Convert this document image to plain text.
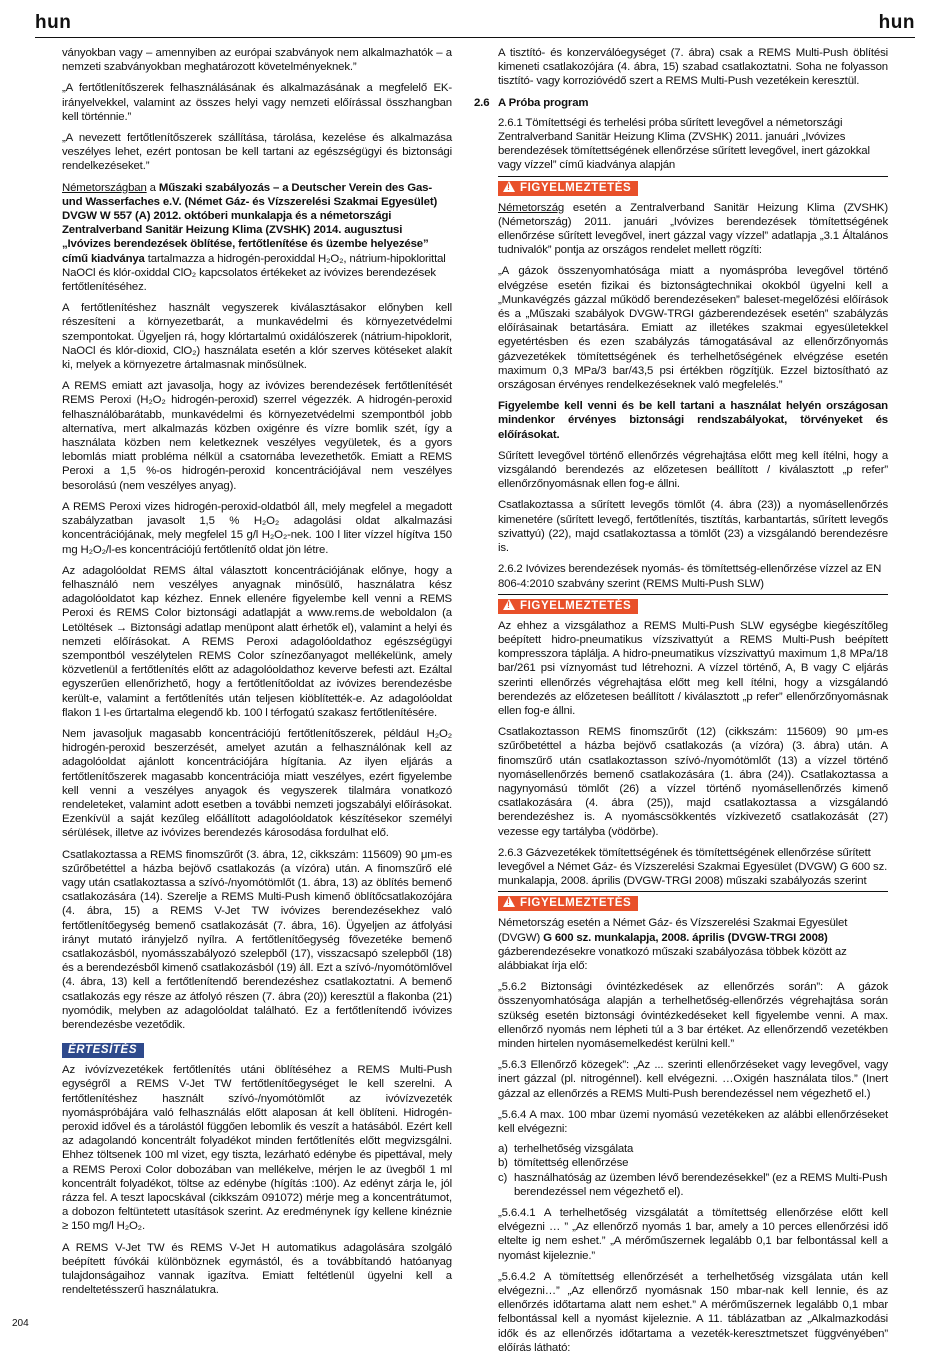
hun	hun

ványokban vagy – amennyiben az európai szabványok nem alkalmazhatók – a nemzeti szabványokban meghatározott követelményeknek.”

„A fertőtlenítőszerek felhasználásának és alkalmazásának a megfelelő EK-irányelvekkel, valamint az összes helyi vagy nemzeti előírással összhangban kell történnie.”

„A nevezett fertőtlenítőszerek szállítása, tárolása, kezelése és alkalmazása veszélyes lehet, ezért pontosan be kell tartani az egészségügyi és biztonsági rendelkezéseket.”

Németországban a Műszaki szabályozás – a Deutscher Verein des Gas- und Wasserfaches e.V. (Német Gáz- és Vízszerelési Szakmai Egyesület) DVGW W 557 (A) 2012. októberi munkalapja és a németországi Zentralverband Sanitär Heizung Klima (ZVSHK) 2014. augusztusi „Ivóvizes berendezések öblítése, fertőtlenítése és üzembe helyezése” című kiadványa tartalmazza a hidrogén-peroxiddal H₂O₂, nátrium-hipoklorittal NaOCl és klór-oxiddal ClO₂ kapcsolatos értékeket az ivóvizes berendezések fertőtlenítéséhez.

A fertőtlenítéshez használt vegyszerek kiválasztásakor előnyben kell részesíteni a környezetbarát, a munkavédelmi és környezetvédelmi szempontokat. Ügyeljen rá, hogy klórtartalmú oxidálószerek (nátrium-hipoklorit, NaOCl és klór-dioxid, ClO₂) használata esetén a klór szerves kötéseket alakít ki, melyek a környezetre ártalmasnak minősülnek.

A REMS emiatt azt javasolja, hogy az ivóvizes berendezések fertőtlenítését REMS Peroxi (H₂O₂ hidrogén-peroxid) szerrel végezzék. A hidrogén-peroxid felhasználóbarátabb, munkavédelmi és környezetvédelmi szempontból jobb alternatíva, mert alkalmazás közben oxigénre és vízre bomlik szét, így a használata közben nem keletkeznek veszélyes vegyületek, és a gyors lebomlás miatt probléma nélkül a csatornába levezethetők. Emiatt a REMS Peroxi a 1,5 %-os hidrogén-peroxid koncentrációjával nem veszélyes besorolású (nem veszélyes anyag).

A REMS Peroxi vizes hidrogén-peroxid-oldatból áll, mely megfelel a megadott szabályzatban javasolt 1,5 % H₂O₂ adagolási oldat alkalmazási koncentrációjának, mely megfelel 15 g/l H₂O₂-nek. 100 l liter vízzel hígítva 150 mg H₂O₂/l-es koncentrációjú fertőtlenítő oldat jön létre.

Az adagolóoldat REMS által választott koncentrációjának előnye, hogy a felhasználó nem veszélyes anyagnak minősülő, használatra kész adagolóoldatot kap kézhez. Ennek ellenére figyelembe kell venni a REMS Peroxi és REMS Color biztonsági adatlapját a www.rems.de weboldalon (a Letöltések → Biztonsági adatlap menüpont alatt érhetők el), valamint a helyi és nemzeti előírásokat. A REMS Peroxi adagolóoldathoz egészségügyi szempontból veszélytelen REMS Color színezőanyagot mellékelünk, amely közvetlenül a fertőtlenítés előtt az adagolóoldathoz keverve befesti azt. Ezáltal egyszerűen ellenőrizhető, hogy a fertőtlenítőoldat az ivóvizes berendezésbe került-e, valamint a fertőtlenítés után teljesen kiöblítették-e. Az adagolóoldat flakon 1 l-es űrtartalma elegendő kb. 100 l térfogatú szakasz fertőtlenítésére.

Nem javasoljuk magasabb koncentrációjú fertőtlenítőszerek, például H₂O₂ hidrogén-peroxid beszerzését, amelyet azután a felhasználónak kell az adagolóoldat ajánlott koncentrációjára hígítania. Az ilyen eljárás a fertőtlenítőszerek magasabb koncentrációja miatt veszélyes, ezért figyelembe kell venni a veszélyes anyagok és vegyszerek tilalmára vonatkozó rendeleteket, valamint adott esetben a további nemzeti jogszabályi előírásokat. Ezenkívül a saját kezűleg előállított adagolóoldatok készítésekor személyi sérülések, illetve az ivóvizes berendezés károsodása fordulhat elő.

Csatlakoztassa a REMS finomszűrőt (3. ábra, 12, cikkszám: 115609) 90 μm-es szűrőbetéttel a házba bejövő csatlakozás (a vízóra) után. A finomszűrő elé vagy után csatlakoztassa a szívó-/nyomótömlőt (1. ábra, 13) az öblítés bemenő csatlakozására (14). Szerelje a REMS Multi-Push kimenő öblítőcsatlakozójára (4. ábra, 15) a REMS V-Jet TW ivóvizes berendezésekhez való fertőtlenítőegység bemenő csatlakozását (7. ábra, 16). Ügyeljen az átfolyási irányt mutató irányjelző nyílra. A fertőtlenítőegység fővezetéke bemenő csatlakozásból, nyomásszabályozó szelepből (17), visszacsapó szelepből (18) és a berendezésből kimenő csatlakozásból (19) áll. Ezt a szívó-/nyomótömlővel (4. ábra, 13) kell a fertőtlenítendő berendezéshez csatlakoztatni. A bemenő csatlakozás egy része az átfolyó részen (7. ábra (20)) keresztül a flakonba (21) nyomódik, melyben az adagolóoldat található. Ez a fertőtlenítendő ivóvizes berendezésbe vezetődik.

ÉRTESÍTÉS

Az ivóvízvezetékek fertőtlenítés utáni öblítéséhez a REMS Multi-Push egységről a REMS V-Jet TW fertőtlenítőegységet le kell szerelni. A fertőtlenítéshez használt szívó-/nyomótömlőt az ivóvízvezeték nyomáspróbájára való felhasználás előtt alaposan át kell öblíteni. Hidrogén-peroxid idővel és a tárolástól függően lebomlik és veszít a hatásából. Ezért kell az adagolandó koncentrált folyadékot minden fertőtlenítés előtt megvizsgálni. Ehhez töltsenek 100 ml vizet, egy tiszta, lezárható edénybe és pipettával, mely a REMS Peroxi Color dobozában van mellékelve, mérjen le az üvegből 1 ml koncentrált folyadékot, töltse az edénybe (hígítás :100). Az edényt zárja le, jól rázza fel. A teszt lapocskával (cikkszám 091072) mérje meg a koncentrátumot, a dobozon feltüntetett utasítások szerint. Az eredménynek így kellene kinéznie ≥ 150 mg/l H₂O₂.

A REMS V-Jet TW és REMS V-Jet H automatikus adagolására szolgáló beépített fúvókái különböznek egymástól, és a továbbítandó hatóanyag tulajdonságaihoz vannak igazítva. Emiatt feltétlenül ügyelni kell a rendeltetésszerű használatukra.

A tisztító- és konzerválóegységet (7. ábra) csak a REMS Multi-Push öblítési kimeneti csatlakozójára (4. ábra, 15) szabad csatlakoztatni. Soha ne folyasson tisztító- vagy korrozióvédő szert a REMS Multi-Push vezetékein keresztül.

2.6 A Próba program

2.6.1 Tömítettségi és terhelési próba sűrített levegővel a németországi Zentralverband Sanitär Heizung Klima (ZVSHK) 2011. januári „Ivóvizes berendezések tömítettségének ellenőrzése sűrített levegővel, inert gázokkal vagy vízzel” című kiadványa alapján

!FIGYELMEZTETÉS

Németország esetén a Zentralverband Sanitär Heizung Klima (ZVSHK) (Németország) 2011. januári „Ivóvizes berendezések tömítettségének ellenőrzése sűrített levegővel, inert gázzal vagy vízzel” adatlapja „3.1 Általános tudnivalók” pontja az országos rendelet mellett rögzíti:

„A gázok összenyomhatósága miatt a nyomáspróba levegővel történő elvégzése esetén fizikai és biztonságtechnikai okokból ügyelni kell a „Munkavégzés gázzal működő berendezéseken” baleset-megelőzési előírások és a „Műszaki szabályok DVGW-TRGI gázberendezések esetén” szabályzás előírásainak betartására. Emiatt az illetékes szakmai egyesületekkel egyetértésben és ezen szabályzás támogatásával az ellenőrzőnyomás gázvezetékek tömítettségének és terhelhetőségének elvégzése esetén maximum 0,3 MPa/3 bar/43,5 psi értékben rögzítjük. Ezzel biztosítható az országosan érvényes rendelkezéseknek való megfelelés.”

Figyelembe kell venni és be kell tartani a használat helyén országosan mindenkor érvényes biztonsági rendszabályokat, törvényeket és előírásokat.

Sűrített levegővel történő ellenőrzés végrehajtása előtt meg kell ítélni, hogy a vizsgálandó berendezés az előzetesen beállított / kiválasztott „p refer” ellenőrzőnyomásnak ellen fog-e állni.

Csatlakoztassa a sűrített levegős tömlőt (4. ábra (23)) a nyomásellenőrzés kimenetére (sűrített levegő, fertőtlenítés, tisztítás, karbantartás, sűrített levegős szivattyú) (22), majd csatlakoztassa a tömlőt (23) a vizsgálandó berendezésre is.

2.6.2 Ivóvizes berendezések nyomás- és tömítettség-ellenőrzése vízzel az EN 806-4:2010 szabvány szerint (REMS Multi-Push SLW)

!FIGYELMEZTETÉS

Az ehhez a vizsgálathoz a REMS Multi-Push SLW egységbe kiegészítőleg beépített hidro-pneumatikus vízszivattyút a REMS Multi-Push beépített kompresszora táplálja. A hidro-pneumatikus vízszivattyú maximum 1,8 MPa/18 bar/261 psi víznyomást tud létrehozni. A vízzel történő, A, B vagy C eljárás szerinti ellenőrzés végrehajtása előtt meg kell ítélni, hogy a vizsgálandó berendezés az előzetesen beállított / kiválasztott „p refer” ellenőrzőnyomásnak ellen fog-e állni.

Csatlakoztasson REMS finomszűrőt (12) (cikkszám: 115609) 90 μm-es szűrőbetéttel a házba bejövő csatlakozás (a vízóra) (3. ábra) után. A finomszűrő után csatlakoztasson szívó-/nyomótömlőt (13) a vízzel történő nyomásellenőrzés bemenő csatlakozására (1. ábra (24)). Csatlakoztassa a nagynyomású tömlőt (26) a vízzel történő nyomásellenőrzés kimenő csatlakozására (4. ábra (25)), majd csatlakoztassa a vizsgálandó berendezéshez is. A nyomáscsökkentés vízkivezető csatlakozását (27) vezesse egy tartályba (vödörbe).

2.6.3 Gázvezetékek tömítettségének és tömítettségének ellenőrzése sűrített levegővel a Német Gáz- és Vízszerelési Szakmai Egyesület (DVGW) G 600 sz. munkalapja, 2008. április (DVGW-TRGI 2008) műszaki szabályozás szerint

!FIGYELMEZTETÉS

Németország esetén a Német Gáz- és Vízszerelési Szakmai Egyesület (DVGW) G 600 sz. munkalapja, 2008. április (DVGW-TRGI 2008) gázberendezésekre vonatkozó műszaki szabályozása többek között az alábbiakat írja elő:

„5.6.2 Biztonsági óvintézkedések az ellenőrzés során”: A gázok összenyomhatósága alapján a terhelhetőség-ellenőrzés végrehajtása során szükség esetén biztonsági óvintézkedéseket kell figyelembe venni. A max. ellenőrző nyomás nem lépheti túl a 3 bar értéket. Az ellenőrzendő vezetékben minden hirtelen nyomásemelkedést kerülni kell.”

„5.6.3 Ellenőrző közegek”: „Az ... szerinti ellenőrzéseket vagy levegővel, vagy inert gázzal (pl. nitrogénnel). kell elvégezni. …Oxigén használata tilos.” (Inert gázzal az ellenőrzés a REMS Multi-Push berendezéssel nem végezhető el.)

„5.6.4 A max. 100 mbar üzemi nyomású vezetékeken az alábbi ellenőrzéseket kell elvégezni:

a) terhelhetőség vizsgálata
b) tömítettség ellenőrzése
c) használhatóság az üzemben lévő berendezésekkel” (ez a REMS Multi-Push berendezéssel nem végezhető el).

„5.6.4.1 A terhelhetőség vizsgálatát a tömítettség ellenőrzése előtt kell elvégezni … ” „Az ellenőrző nyomás 1 bar, amely a 10 perces ellenőrzési idő eltelte ig nem eshet.” „A mérőműszernek legalább 0,1 bar felbontással kell a nyomást kijeleznie.”

„5.6.4.2 A tömítettség ellenőrzését a terhelhetőség vizsgálata után kell elvégezni…” „Az ellenőrző nyomásnak 150 mbar-nak kell lennie, és az ellenőrzés időtartama alatt nem eshet.” A mérőműszernek legalább 0,1 mbar felbontással kell a nyomást kijeleznie. A 11. táblázatban az „Alkalmazkodási idők és az ellenőrzés időtartama a vezeték-keresztmetszet függvényében” előírás látható:

204
